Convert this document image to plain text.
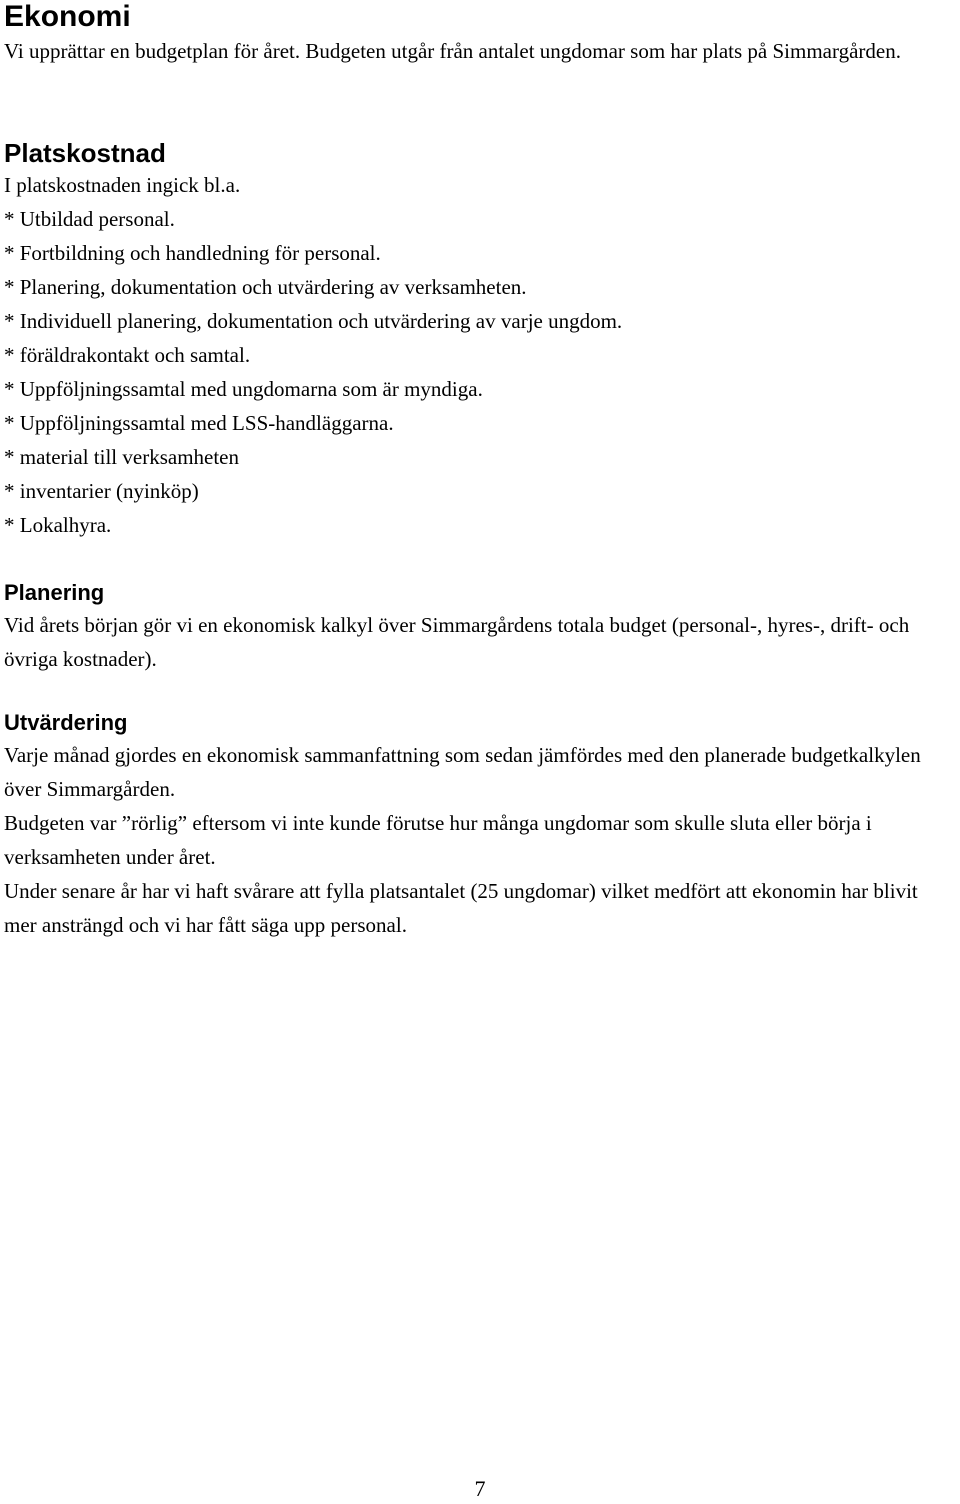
Ekonomi

Vi upprättar en budgetplan för året. Budgeten utgår från antalet ungdomar som har plats på Simmargården.

Platskostnad

I platskostnaden ingick bl.a.

* Utbildad personal.
* Fortbildning och handledning för personal.
* Planering, dokumentation och utvärdering av verksamheten.
* Individuell planering, dokumentation och utvärdering av varje ungdom.
* föräldrakontakt och samtal.
* Uppföljningssamtal med ungdomarna som är myndiga.
* Uppföljningssamtal med LSS-handläggarna.
* material till verksamheten
* inventarier (nyinköp)
* Lokalhyra.
Planering

Vid årets början gör vi en ekonomisk kalkyl över Simmargårdens totala budget (personal-, hyres-, drift- och övriga kostnader).

Utvärdering

Varje månad gjordes en ekonomisk sammanfattning som sedan jämfördes med den planerade budgetkalkylen över Simmargården.

Budgeten var ”rörlig” eftersom vi inte kunde förutse hur många ungdomar som skulle sluta eller börja i verksamheten under året.

Under senare år har vi haft svårare att fylla platsantalet (25 ungdomar) vilket medfört att ekonomin har blivit mer ansträngd och vi har fått säga upp personal.

7
